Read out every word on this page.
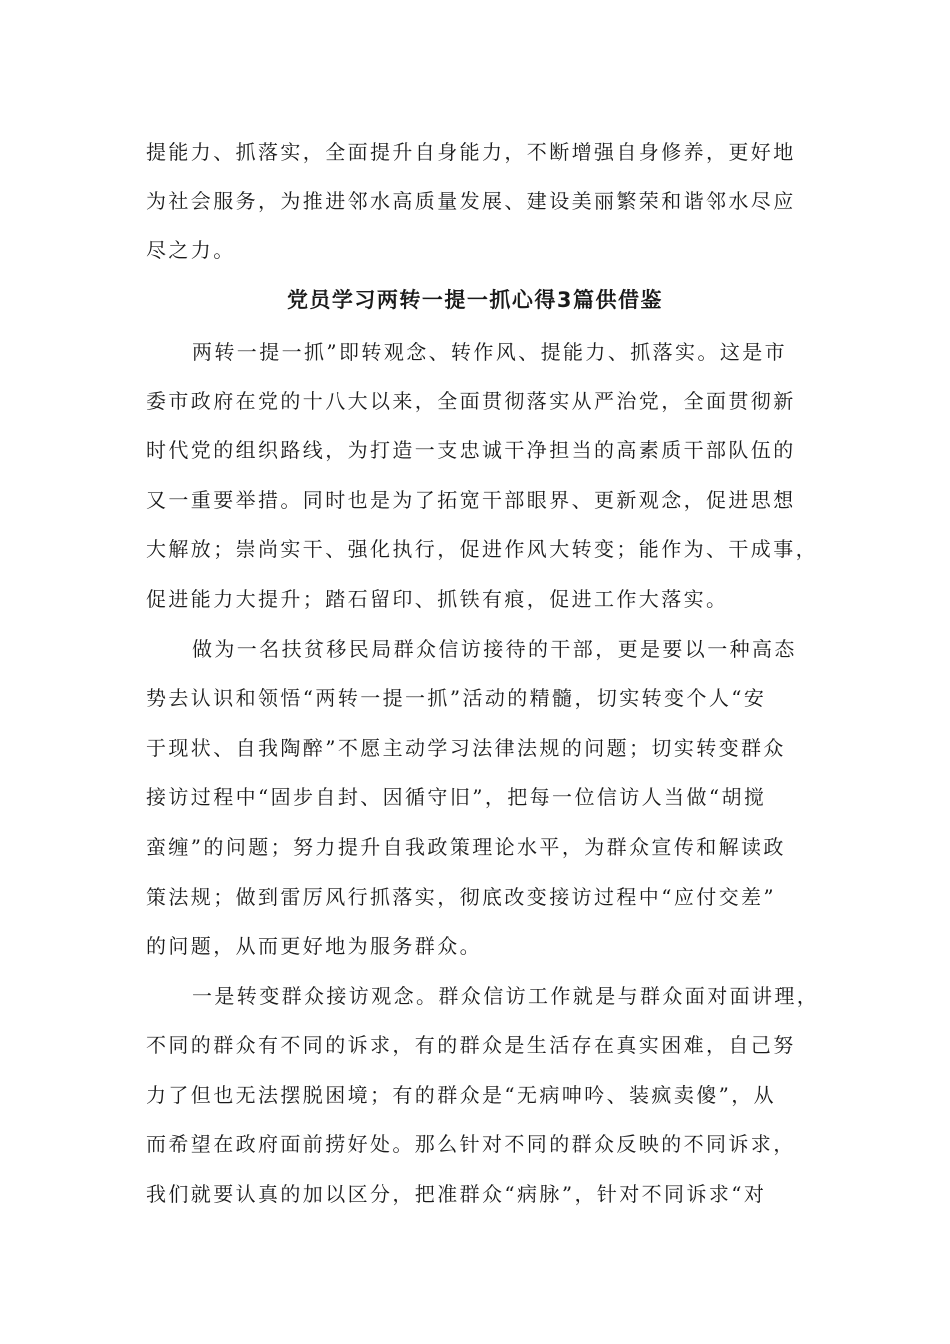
提能力、抓落实，全面提升自身能力，不断增强自身修养，更好地
为社会服务，为推进邻水高质量发展、建设美丽繁荣和谐邻水尽应
尽之力。
党员学习两转一提一抓心得3篇供借鉴
两转一提一抓”即转观念、转作风、提能力、抓落实。这是市
委市政府在党的十八大以来，全面贯彻落实从严治党，全面贯彻新
时代党的组织路线，为打造一支忠诚干净担当的高素质干部队伍的
又一重要举措。同时也是为了拓宽干部眼界、更新观念，促进思想
大解放；崇尚实干、强化执行，促进作风大转变；能作为、干成事，
促进能力大提升；踏石留印、抓铁有痕，促进工作大落实。
做为一名扶贫移民局群众信访接待的干部，更是要以一种高态
势去认识和领悟“两转一提一抓”活动的精髓，切实转变个人“安
于现状、自我陶醉”不愿主动学习法律法规的问题；切实转变群众
接访过程中“固步自封、因循守旧”，把每一位信访人当做“胡搅
蛮缠”的问题；努力提升自我政策理论水平，为群众宣传和解读政
策法规；做到雷厉风行抓落实，彻底改变接访过程中“应付交差”
的问题，从而更好地为服务群众。
一是转变群众接访观念。群众信访工作就是与群众面对面讲理，
不同的群众有不同的诉求，有的群众是生活存在真实困难，自己努
力了但也无法摆脱困境；有的群众是“无病呻吟、装疯卖傻”，从
而希望在政府面前捞好处。那么针对不同的群众反映的不同诉求，
我们就要认真的加以区分，把准群众“病脉”，针对不同诉求“对
